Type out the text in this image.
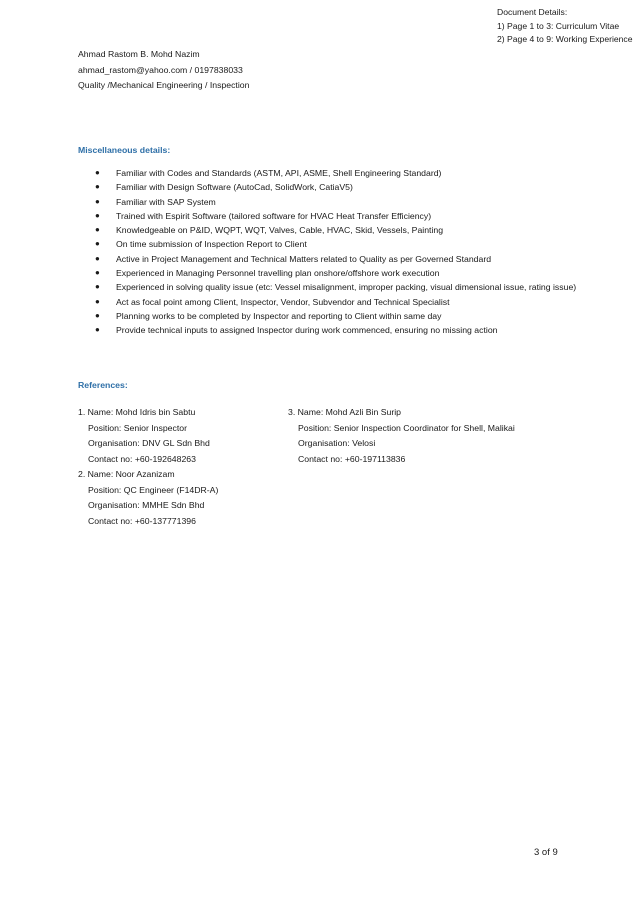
Document Details:
1) Page 1 to 3: Curriculum Vitae
2) Page 4 to 9: Working Experience
Ahmad Rastom B. Mohd Nazim
ahmad_rastom@yahoo.com / 0197838033
Quality /Mechanical Engineering / Inspection
Miscellaneous details:
● Familiar with Codes and Standards (ASTM, API, ASME, Shell Engineering Standard)
● Familiar with Design Software (AutoCad, SolidWork, CatiaV5)
● Familiar with SAP System
● Trained with Espirit Software (tailored software for HVAC Heat Transfer Efficiency)
● Knowledgeable on P&ID, WQPT, WQT, Valves, Cable, HVAC, Skid, Vessels, Painting
● On time submission of Inspection Report to Client
● Active in Project Management and Technical Matters related to Quality as per Governed Standard
● Experienced in Managing Personnel travelling plan onshore/offshore work execution
● Experienced in solving quality issue (etc: Vessel misalignment, improper packing, visual dimensional issue, rating issue)
● Act as focal point among Client, Inspector, Vendor, Subvendor and Technical Specialist
● Planning works to be completed by Inspector and reporting to Client within same day
● Provide technical inputs to assigned Inspector during work commenced, ensuring no missing action
References:
1. Name: Mohd Idris bin Sabtu
Position: Senior Inspector
Organisation: DNV GL Sdn Bhd
Contact no: +60-192648263
2. Name: Noor Azanizam
Position: QC Engineer (F14DR-A)
Organisation: MMHE Sdn Bhd
Contact no: +60-137771396
3. Name: Mohd Azli Bin Surip
Position: Senior Inspection Coordinator for Shell, Malikai
Organisation: Velosi
Contact no: +60-197113836
3 of 9
